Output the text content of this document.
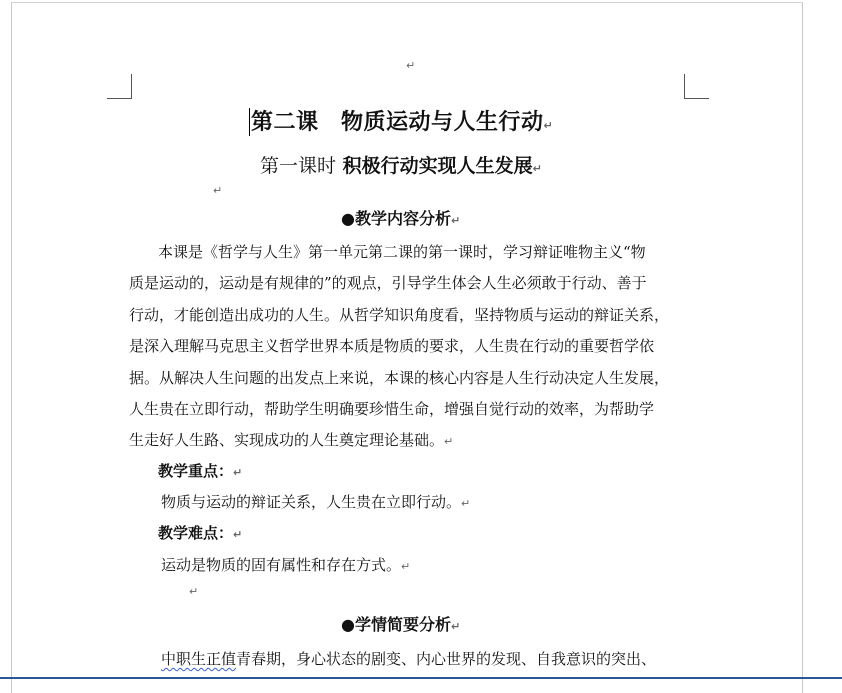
↵
第二课　物质运动与人生行动↵
第一课时 积极行动实现人生发展↵
↵
●教学内容分析↵
本课是《哲学与人生》第一单元第二课的第一课时，学习辩证唯物主义“物
质是运动的，运动是有规律的”的观点，引导学生体会人生必须敢于行动、善于
行动，才能创造出成功的人生。从哲学知识角度看，坚持物质与运动的辩证关系，
是深入理解马克思主义哲学世界本质是物质的要求，人生贵在行动的重要哲学依
据。从解决人生问题的出发点上来说，本课的核心内容是人生行动决定人生发展，
人生贵在立即行动，帮助学生明确要珍惜生命，增强自觉行动的效率，为帮助学
生走好人生路、实现成功的人生奠定理论基础。↵
教学重点：↵
物质与运动的辩证关系，人生贵在立即行动。↵
教学难点：↵
运动是物质的固有属性和存在方式。↵
↵
●学情简要分析↵
中职生正值青春期，身心状态的剧变、内心世界的发现、自我意识的突出、
